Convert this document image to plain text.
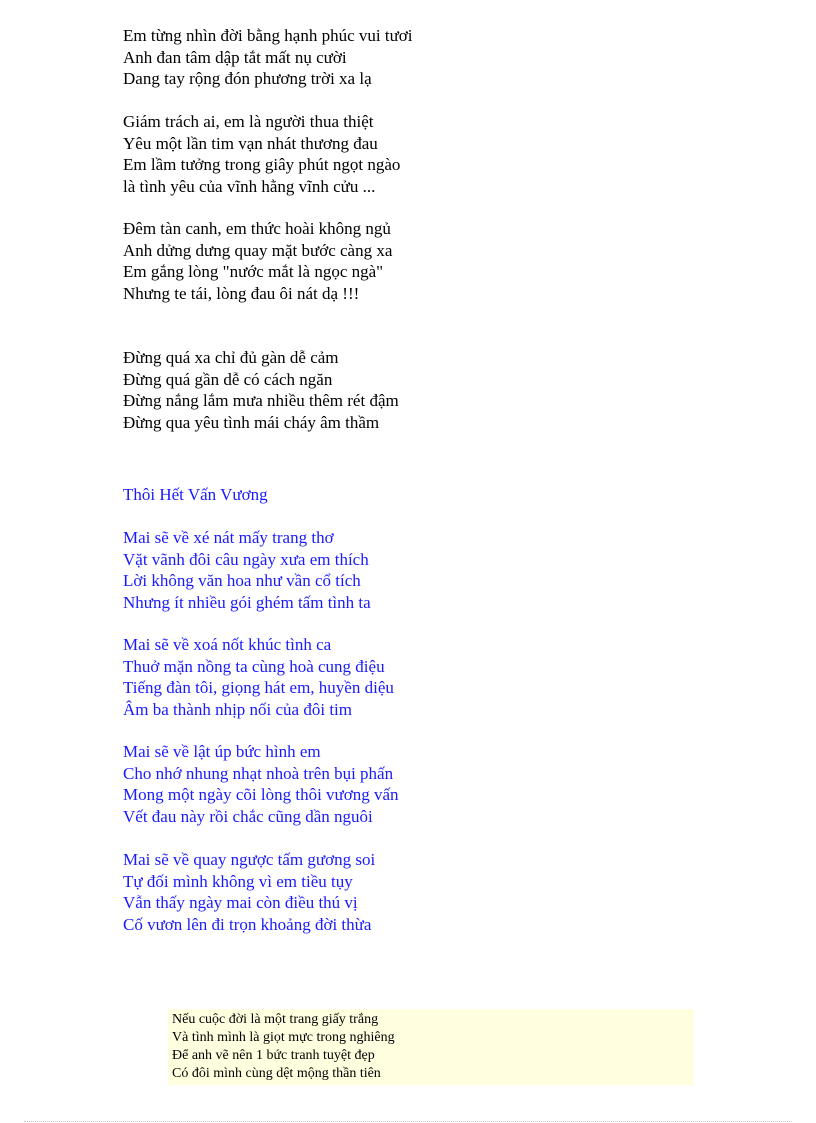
Em từng nhìn đời bằng hạnh phúc vui tươi
Anh đan tâm dập tắt mất nụ cười
Dang tay rộng đón phương trời xa lạ
Giám trách ai, em là người thua thiệt
Yêu một lần tim vạn nhát thương đau
Em lầm tưởng trong giây phút ngọt ngào
là tình yêu của vĩnh hằng vĩnh cửu ...
Đêm tàn canh, em thức hoài không ngủ
Anh dửng dưng quay mặt bước càng xa
Em gắng lòng "nước mắt là ngọc ngà"
Nhưng te tái, lòng đau ôi nát dạ !!!
Đừng quá xa chỉ đủ gàn dễ cảm
Đừng quá gần dễ có cách ngăn
Đừng nắng lắm mưa nhiều thêm rét đậm
Đừng qua yêu tình mái cháy âm thầm
Thôi Hết Vấn Vương
Mai sẽ về xé nát mấy trang thơ
Vặt vãnh đôi câu ngày xưa em thích
Lời không văn hoa như vần cổ tích
Nhưng ít nhiều gói ghém tấm tình ta
Mai sẽ về xoá nốt khúc tình ca
Thuở mặn nồng ta cùng hoà cung điệu
Tiếng đàn tôi, giọng hát em, huyền diệu
Âm ba thành nhịp nối của đôi tim
Mai sẽ về lật úp bức hình em
Cho nhớ nhung nhạt nhoà trên bụi phấn
Mong một ngày cõi lòng thôi vương vấn
Vết đau này rồi chắc cũng dần nguôi
Mai sẽ về quay ngược tấm gương soi
Tự đối mình không vì em tiều tụy
Vẫn thấy ngày mai còn điều thú vị
Cố vươn lên đi trọn khoảng đời thừa
Nếu cuộc đời là một trang giấy trắng
Và tình mình là giọt mực trong nghiêng
Để anh vẽ nên 1 bức tranh tuyệt đẹp
Có đôi mình cùng dệt mộng thần tiên
